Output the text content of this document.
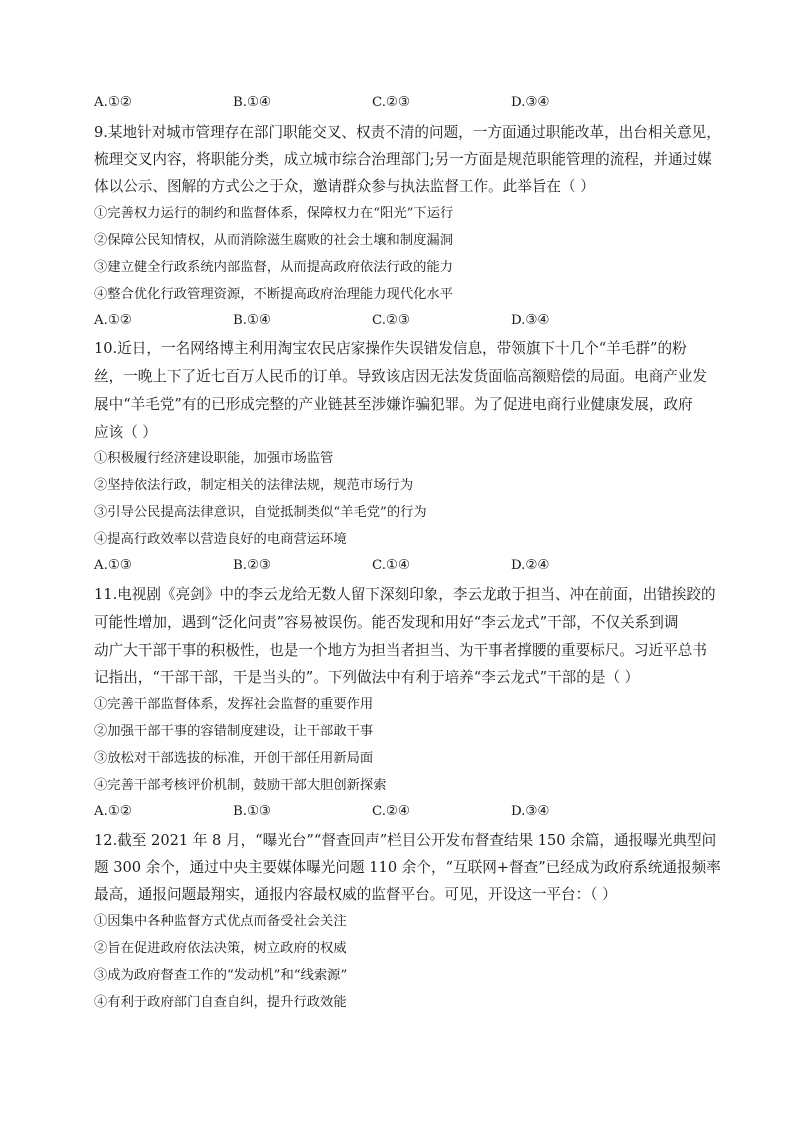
A.①②	B.①④	C.②③	D.③④
9.某地针对城市管理存在部门职能交叉、权责不清的问题，一方面通过职能改革，出台相关意见，
梳理交叉内容，将职能分类，成立城市综合治理部门;另一方面是规范职能管理的流程，并通过媒
体以公示、图解的方式公之于众，邀请群众参与执法监督工作。此举旨在（ ）
①完善权力运行的制约和监督体系，保障权力在“阳光”下运行
②保障公民知情权，从而消除滋生腐败的社会土壤和制度漏洞
③建立健全行政系统内部监督，从而提高政府依法行政的能力
④整合优化行政管理资源，不断提高政府治理能力现代化水平
A.①②	B.①④	C.②③	D.③④
10.近日，一名网络博主利用淘宝农民店家操作失误错发信息，带领旗下十几个“羊毛群”的粉
丝，一晚上下了近七百万人民币的订单。导致该店因无法发货面临高额赔偿的局面。电商产业发
展中“羊毛党”有的已形成完整的产业链甚至涉嫌诈骗犯罪。为了促进电商行业健康发展，政府
应该（ ）
①积极履行经济建设职能，加强市场监管
②坚持依法行政，制定相关的法律法规，规范市场行为
③引导公民提高法律意识，自觉抵制类似“羊毛党”的行为
④提高行政效率以营造良好的电商营运环境
A.①③	B.②③	C.①④	D.②④
11.电视剧《亮剑》中的李云龙给无数人留下深刻印象，李云龙敢于担当、冲在前面，出错挨跤的
可能性增加，遇到“泛化问责”容易被误伤。能否发现和用好“李云龙式”干部，不仅关系到调
动广大干部干事的积极性，也是一个地方为担当者担当、为干事者撑腰的重要标尺。习近平总书
记指出，“干部干部，干是当头的”。下列做法中有利于培养“李云龙式”干部的是（ ）
①完善干部监督体系，发挥社会监督的重要作用
②加强干部干事的容错制度建设，让干部敢干事
③放松对干部选拔的标准，开创干部任用新局面
④完善干部考核评价机制，鼓励干部大胆创新探索
A.①②	B.①③	C.②④	D.③④
12.截至 2021 年 8 月，“曝光台”“督查回声”栏目公开发布督查结果 150 余篇，通报曝光典型问
题 300 余个，通过中央主要媒体曝光问题 110 余个，“互联网+督查”已经成为政府系统通报频率
最高，通报问题最翔实，通报内容最权威的监督平台。可见，开设这一平台：（ ）
①因集中各种监督方式优点而备受社会关注
②旨在促进政府依法决策，树立政府的权威
③成为政府督查工作的“发动机”和“线索源”
④有利于政府部门自查自纠，提升行政效能
